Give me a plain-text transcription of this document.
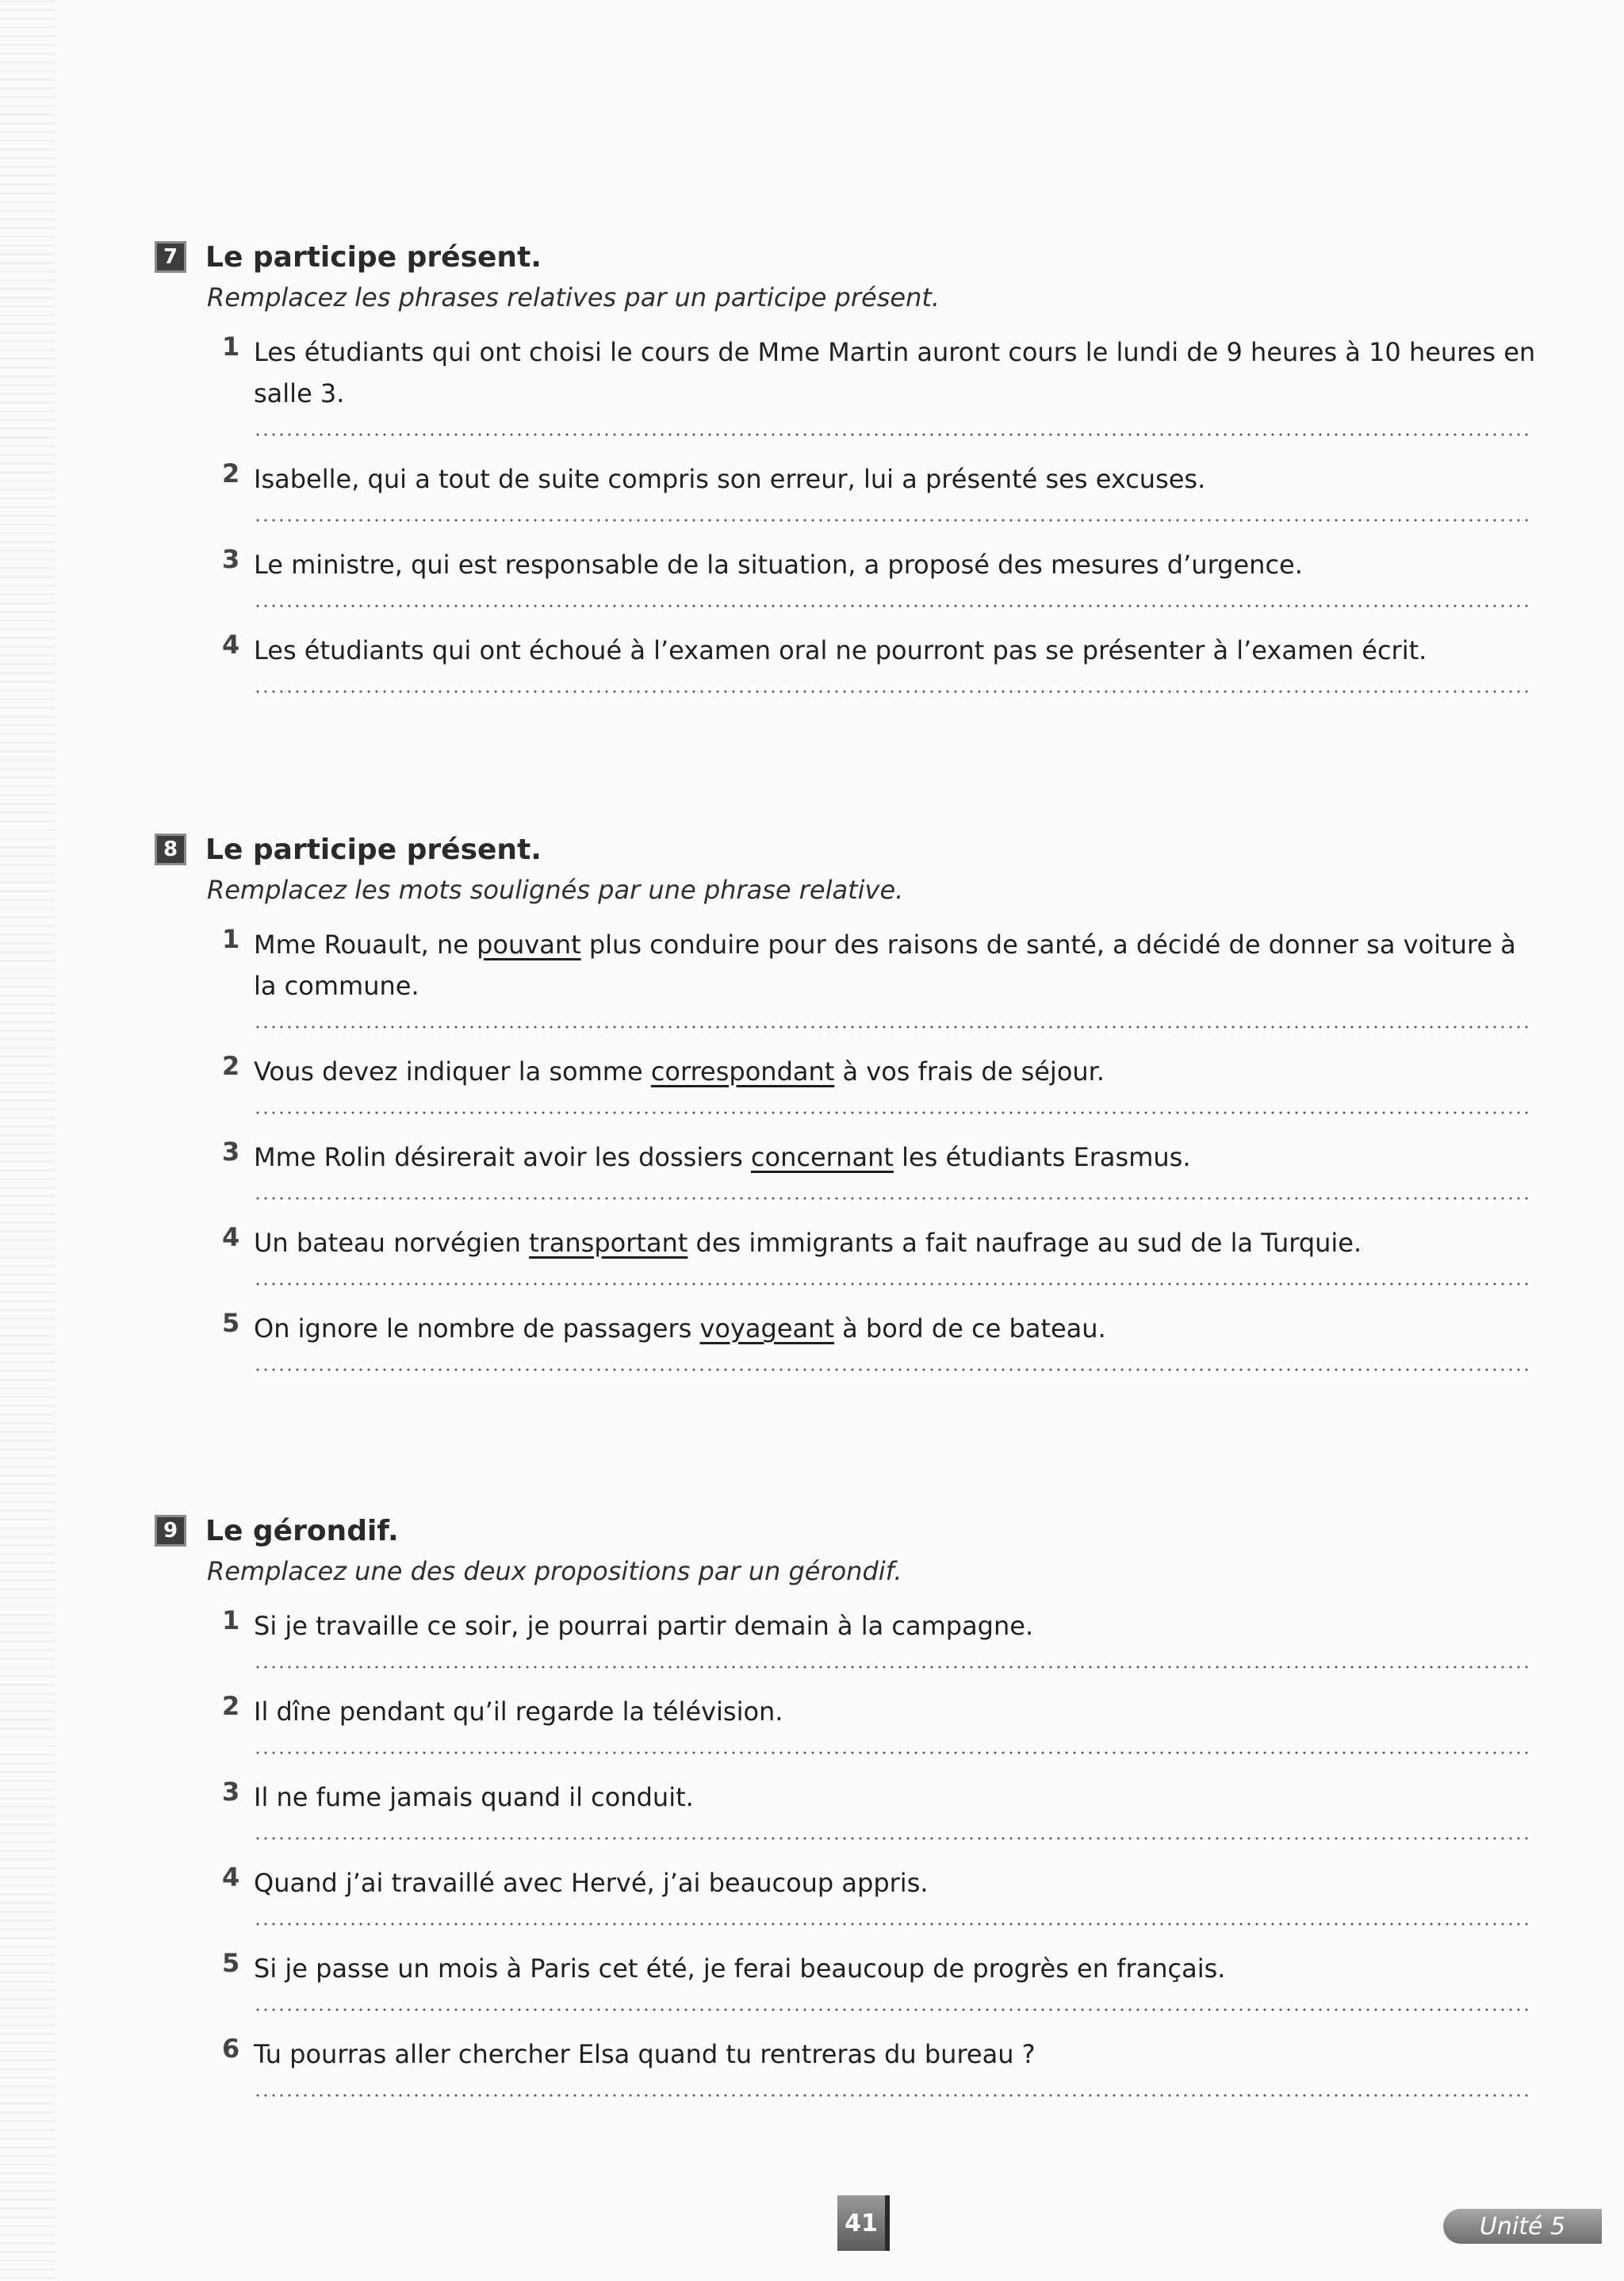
7 Le participe présent.
Remplacez les phrases relatives par un participe présent.
1 Les étudiants qui ont choisi le cours de Mme Martin auront cours le lundi de 9 heures à 10 heures en salle 3.
2 Isabelle, qui a tout de suite compris son erreur, lui a présenté ses excuses.
3 Le ministre, qui est responsable de la situation, a proposé des mesures d’urgence.
4 Les étudiants qui ont échoué à l’examen oral ne pourront pas se présenter à l’examen écrit.
8 Le participe présent.
Remplacez les mots soulignés par une phrase relative.
1 Mme Rouault, ne pouvant plus conduire pour des raisons de santé, a décidé de donner sa voiture à la commune.
2 Vous devez indiquer la somme correspondant à vos frais de séjour.
3 Mme Rolin désirerait avoir les dossiers concernant les étudiants Erasmus.
4 Un bateau norvégien transportant des immigrants a fait naufrage au sud de la Turquie.
5 On ignore le nombre de passagers voyageant à bord de ce bateau.
9 Le gérondif.
Remplacez une des deux propositions par un gérondif.
1 Si je travaille ce soir, je pourrai partir demain à la campagne.
2 Il dîne pendant qu’il regarde la télévision.
3 Il ne fume jamais quand il conduit.
4 Quand j’ai travaillé avec Hervé, j’ai beaucoup appris.
5 Si je passe un mois à Paris cet été, je ferai beaucoup de progrès en français.
6 Tu pourras aller chercher Elsa quand tu rentreras du bureau ?
41	Unité 5
